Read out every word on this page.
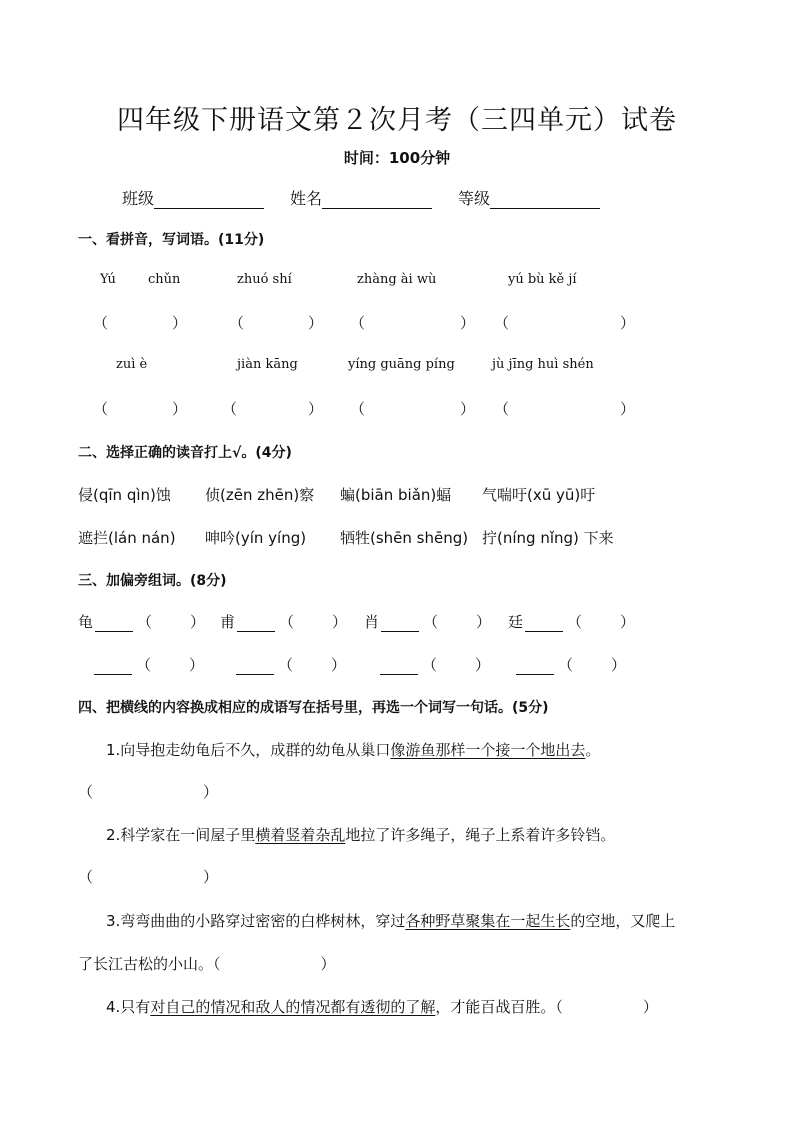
四年级下册语文第２次月考（三四单元）试卷
时间：100分钟
班级	姓名	等级
一、看拼音，写词语。(11分)
Yú chǔn	zhuó shí	zhàng ài wù	yú bù kě jí
（	）	（	） （	） （	）
zuì è	jiàn kāng	yíng guāng píng	jù jīng huì shén
（	） （	） （	） （	）
二、选择正确的读音打上√。(4分)
侵(qīn qìn)蚀 侦(zēn zhēn)察 蝙(biān biǎn)蝠 气喘吁(xū yū)吁
遮拦(lán nán) 呻吟(yín yíng) 牺牲(shēn shēng) 拧(níng nǐng) 下来
三、加偏旁组词。(8分)
龟	（	） 甫	（	） 肖	（	） 廷	（	）
（	）	（	）	（	）	（	）
四、把横线的内容换成相应的成语写在括号里，再选一个词写一句话。(5分)
1.向导抱走幼龟后不久，成群的幼龟从巢口像游鱼那样一个接一个地出去。
（	）
2.科学家在一间屋子里横着竖着杂乱地拉了许多绳子，绳子上系着许多铃铛。
（	）
3.弯弯曲曲的小路穿过密密的白桦树林，穿过各种野草聚集在一起生长的空地，又爬上
了长江古松的小山。（	）
4.只有对自己的情况和敌人的情况都有透彻的了解，才能百战百胜。（	）
